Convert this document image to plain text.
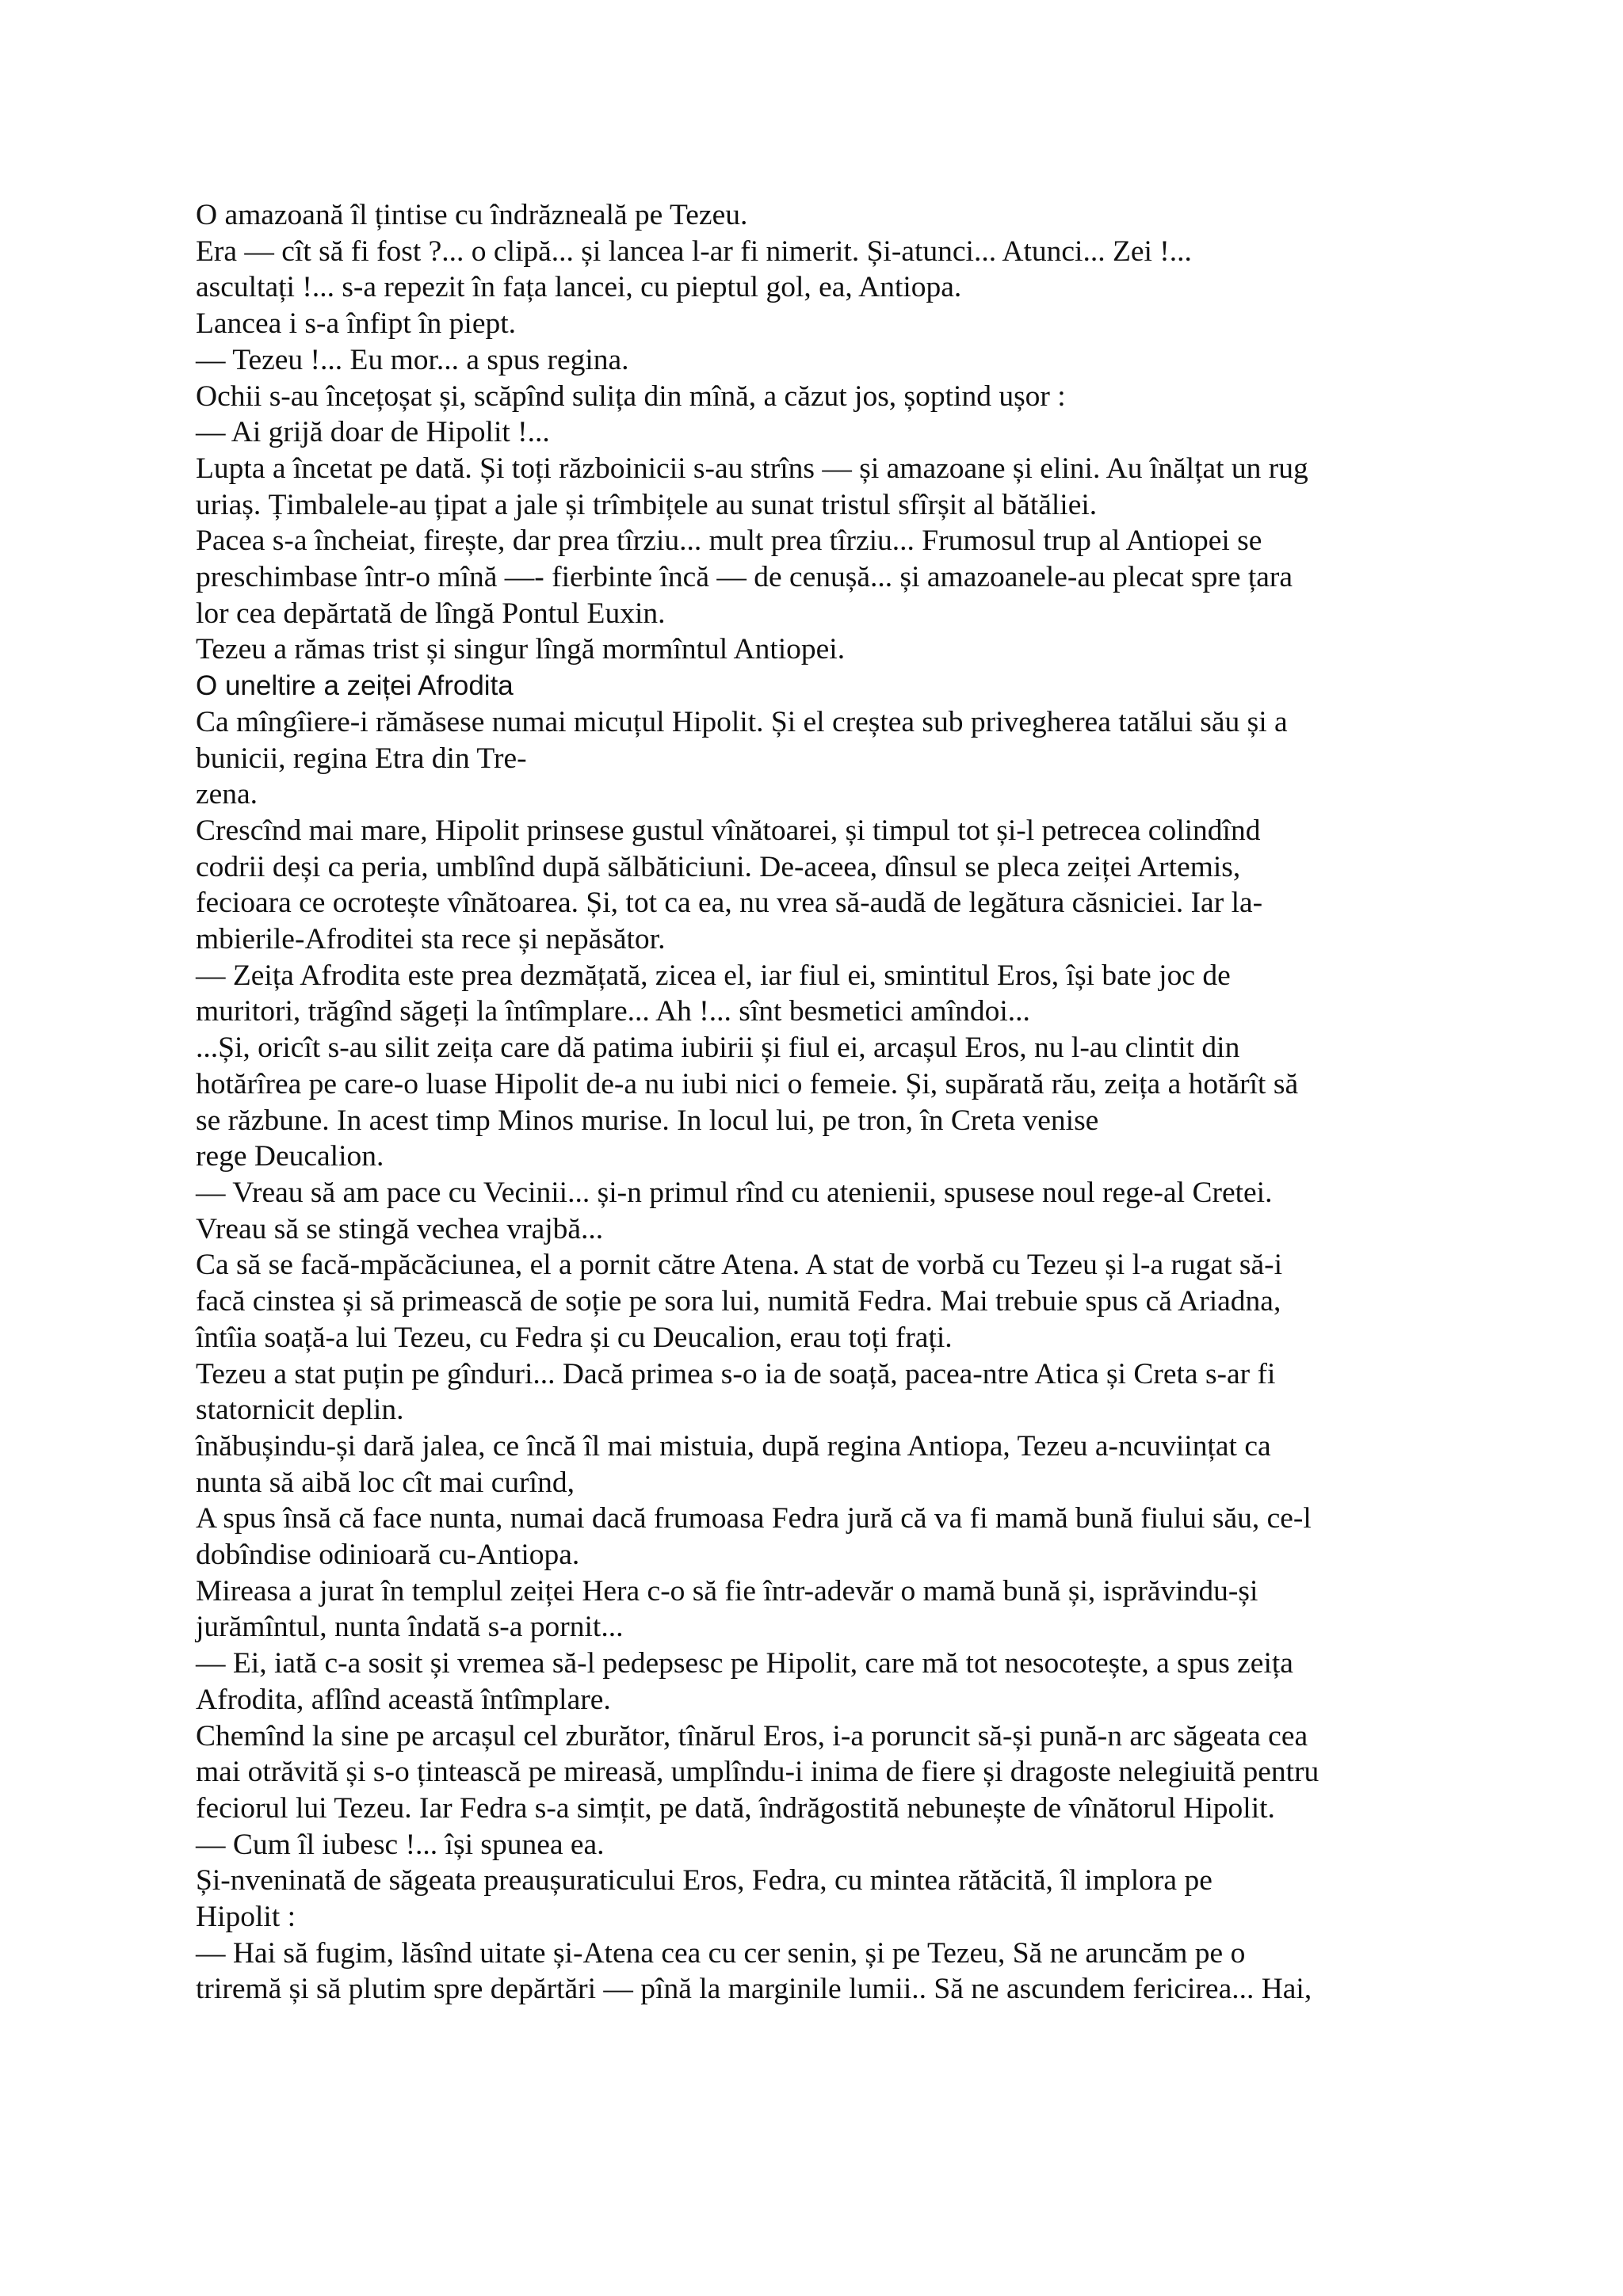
O amazoană îl țintise cu îndrăzneală pe Tezeu.

Era — cît să fi fost ?... o clipă... și lancea l-ar fi nimerit. Și-atunci... Atunci... Zei !...

ascultați !... s-a repezit în fața lancei, cu pieptul gol, ea, Antiopa.

Lancea i s-a înfipt în piept.

— Tezeu !... Eu mor... a spus regina.

Ochii s-au încețoșat și, scăpînd sulița din mînă, a căzut jos, șoptind ușor :

— Ai grijă doar de Hipolit !...

Lupta a încetat pe dată. Și toți războinicii s-au strîns — și amazoane și elini. Au înălțat un rug

uriaș. Țimbalele-au țipat a jale și trîmbițele au sunat tristul sfîrșit al bătăliei.

Pacea s-a încheiat, firește, dar prea tîrziu... mult prea tîrziu... Frumosul trup al Antiopei se

preschimbase într-o mînă —- fierbinte încă — de cenușă... și amazoanele-au plecat spre țara

lor cea depărtată de lîngă Pontul Euxin.

Tezeu a rămas trist și singur lîngă mormîntul Antiopei.

O uneltire a zeiței Afrodita

Ca mîngîiere-i rămăsese numai micuțul Hipolit. Și el creștea sub privegherea tatălui său și a

bunicii, regina Etra din Tre-

zena.

Crescînd mai mare, Hipolit prinsese gustul vînătoarei, și timpul tot și-l petrecea colindînd

codrii deși ca peria, umblînd după sălbăticiuni. De-aceea, dînsul se pleca zeiței Artemis,

fecioara ce ocrotește vînătoarea. Și, tot ca ea, nu vrea să-audă de legătura căsniciei. Iar la-

mbierile-Afroditei sta rece și nepăsător.

— Zeița Afrodita este prea dezmățată, zicea el, iar fiul ei, smintitul Eros, își bate joc de

muritori, trăgînd săgeți la întîmplare... Ah !... sînt besmetici amîndoi...

...Și, oricît s-au silit zeița care dă patima iubirii și fiul ei, arcașul Eros, nu l-au clintit din

hotărîrea pe care-o luase Hipolit de-a nu iubi nici o femeie. Și, supărată rău, zeița a hotărît să

se răzbune. In acest timp Minos murise. In locul lui, pe tron, în Creta venise

rege Deucalion.

— Vreau să am pace cu Vecinii... și-n primul rînd cu atenienii, spusese noul rege-al Cretei.

Vreau să se stingă vechea vrajbă...

Ca să se facă-mpăcăciunea, el a pornit către Atena. A stat de vorbă cu Tezeu și l-a rugat să-i

facă cinstea și să primească de soție pe sora lui, numită Fedra. Mai trebuie spus că Ariadna,

întîia soață-a lui Tezeu, cu Fedra și cu Deucalion, erau toți frați.

Tezeu a stat puțin pe gînduri... Dacă primea s-o ia de soață, pacea-ntre Atica și Creta s-ar fi

statornicit deplin.

înăbușindu-și dară jalea, ce încă îl mai mistuia, după regina Antiopa, Tezeu a-ncuviințat ca

nunta să aibă loc cît mai curînd,

A spus însă că face nunta, numai dacă frumoasa Fedra jură că va fi mamă bună fiului său, ce-l

dobîndise odinioară cu-Antiopa.

Mireasa a jurat în templul zeiței Hera c-o să fie într-adevăr o mamă bună și, isprăvindu-și

jurămîntul, nunta îndată s-a pornit...

— Ei, iată c-a sosit și vremea să-l pedepsesc pe Hipolit, care mă tot nesocotește, a spus zeița

Afrodita, aflînd această întîmplare.

Chemînd la sine pe arcașul cel zburător, tînărul Eros, i-a poruncit să-și pună-n arc săgeata cea

mai otrăvită și s-o țintească pe mireasă, umplîndu-i inima de fiere și dragoste nelegiuită pentru

feciorul lui Tezeu. Iar Fedra s-a simțit, pe dată, îndrăgostită nebunește de vînătorul Hipolit.

— Cum îl iubesc !... își spunea ea.

Și-nveninată de săgeata preaușuraticului Eros, Fedra, cu mintea rătăcită, îl implora pe

Hipolit :

— Hai să fugim, lăsînd uitate și-Atena cea cu cer senin, și pe Tezeu, Să ne aruncăm pe o

triremă și să plutim spre depărtări — pînă la marginile lumii.. Să ne ascundem fericirea... Hai,
